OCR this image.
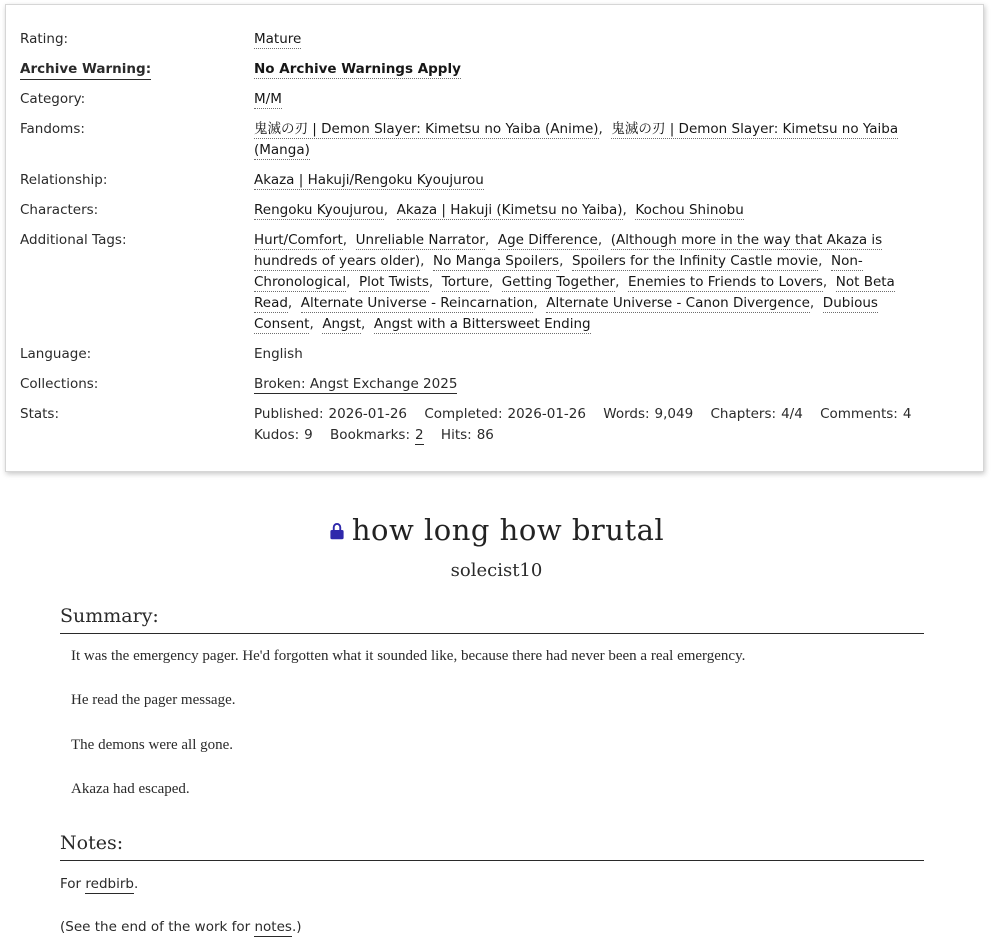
Rating:	Mature
Archive Warning:	No Archive Warnings Apply
Category:	M/M
Fandoms:	鬼滅の刃 | Demon Slayer: Kimetsu no Yaiba (Anime),  鬼滅の刃 | Demon Slayer: Kimetsu no Yaiba (Manga)
Relationship:	Akaza | Hakuji/Rengoku Kyoujurou
Characters:	Rengoku Kyoujurou,  Akaza | Hakuji (Kimetsu no Yaiba),  Kochou Shinobu
Additional Tags:	Hurt/Comfort,  Unreliable Narrator,  Age Difference,  (Although more in the way that Akaza is hundreds of years older),  No Manga Spoilers,  Spoilers for the Infinity Castle movie,  Non-Chronological,  Plot Twists,  Torture,  Getting Together,  Enemies to Friends to Lovers,  Not Beta Read,  Alternate Universe - Reincarnation,  Alternate Universe - Canon Divergence,  Dubious Consent,  Angst,  Angst with a Bittersweet Ending
Language:	English
Collections:	Broken: Angst Exchange 2025
Stats:	Published: 2026-01-26 Completed: 2026-01-26 Words: 9,049 Chapters: 4/4 Comments: 4 Kudos: 9 Bookmarks: 2 Hits: 86
how long how brutal
solecist10
Summary:

It was the emergency pager. He'd forgotten what it sounded like, because there had never been a real emergency.

He read the pager message.

The demons were all gone.

Akaza had escaped.

Notes:

For redbirb.

(See the end of the work for notes.)
